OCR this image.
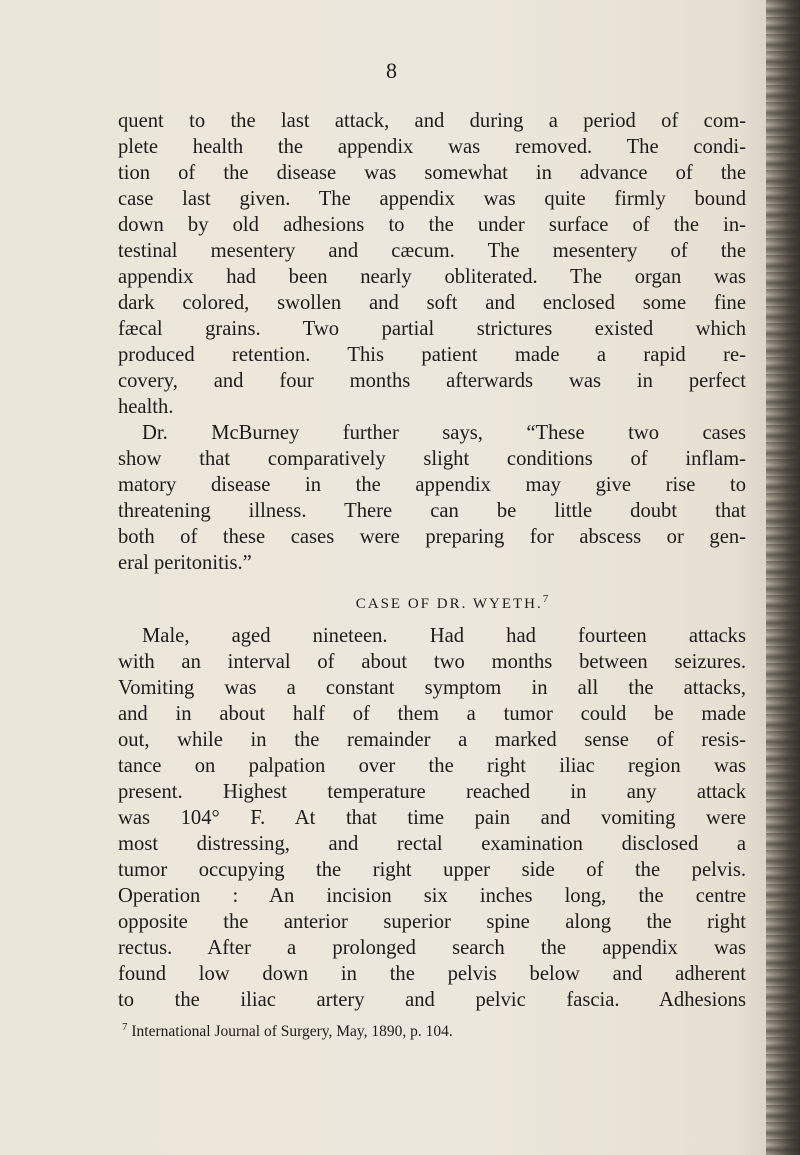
8

quent to the last attack, and during a period of com-
plete health the appendix was removed. The condi-
tion of the disease was somewhat in advance of the
case last given. The appendix was quite firmly bound
down by old adhesions to the under surface of the in-
testinal mesentery and cæcum. The mesentery of the
appendix had been nearly obliterated. The organ was
dark colored, swollen and soft and enclosed some fine
fæcal grains. Two partial strictures existed which
produced retention. This patient made a rapid re-
covery, and four months afterwards was in perfect
health.

Dr. McBurney further says, “These two cases
show that comparatively slight conditions of inflam-
matory disease in the appendix may give rise to
threatening illness. There can be little doubt that
both of these cases were preparing for abscess or gen-
eral peritonitis.”

CASE OF DR. WYETH.$^7$

Male, aged nineteen. Had had fourteen attacks
with an interval of about two months between seizures.
Vomiting was a constant symptom in all the attacks,
and in about half of them a tumor could be made
out, while in the remainder a marked sense of resis-
tance on palpation over the right iliac region was
present. Highest temperature reached in any attack
was 104° F. At that time pain and vomiting were
most distressing, and rectal examination disclosed a
tumor occupying the right upper side of the pelvis.
Operation : An incision six inches long, the centre
opposite the anterior superior spine along the right
rectus. After a prolonged search the appendix was
found low down in the pelvis below and adherent
to the iliac artery and pelvic fascia. Adhesions

$^7$ International Journal of Surgery, May, 1890, p. 104.
